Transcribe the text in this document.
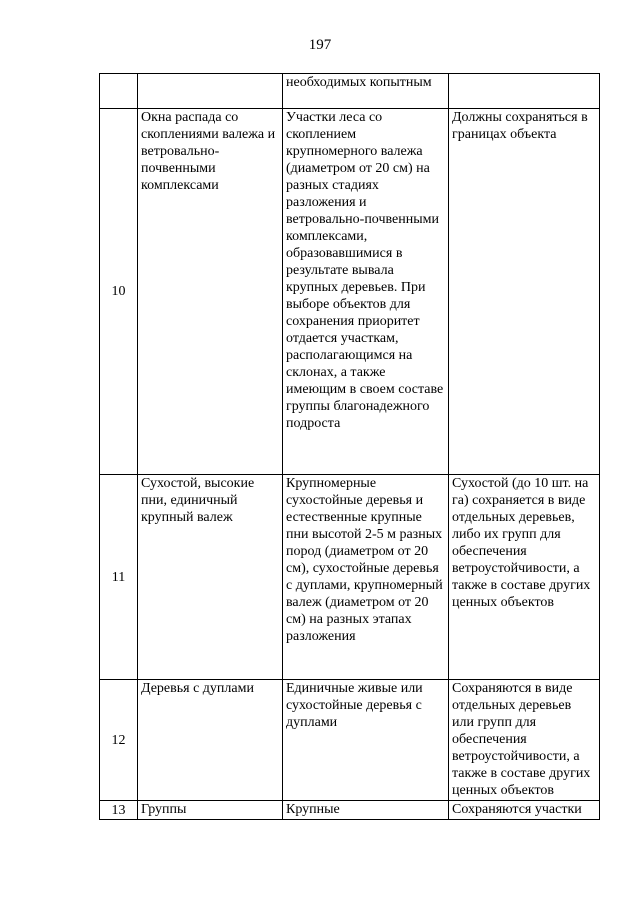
197
		необходимых копытным	
10	Окна распада со скоплениями валежа и ветровально-почвенными комплексами	Участки леса со скоплением крупномерного валежа (диаметром от 20 см) на разных стадиях разложения и ветровально-почвенными комплексами, образовавшимися в результате вывала крупных деревьев. При выборе объектов для сохранения приоритет отдается участкам, располагающимся на склонах, а также имеющим в своем составе группы благонадежного подроста	Должны сохраняться в границах объекта
11	Сухостой, высокие пни, единичный крупный валеж	Крупномерные сухостойные деревья и естественные крупные пни высотой 2-5 м разных пород (диаметром от 20 см), сухостойные деревья с дуплами, крупномерный валеж (диаметром от 20 см) на разных этапах разложения	Сухостой (до 10 шт. на га) сохраняется в виде отдельных деревьев, либо их групп для обеспечения ветроустойчивости, а также в составе других ценных объектов
12	Деревья с дуплами	Единичные живые или сухостойные деревья с дуплами	Сохраняются в виде отдельных деревьев или групп для обеспечения ветроустойчивости, а также в составе других ценных объектов
13	Группы	Крупные	Сохраняются участки
